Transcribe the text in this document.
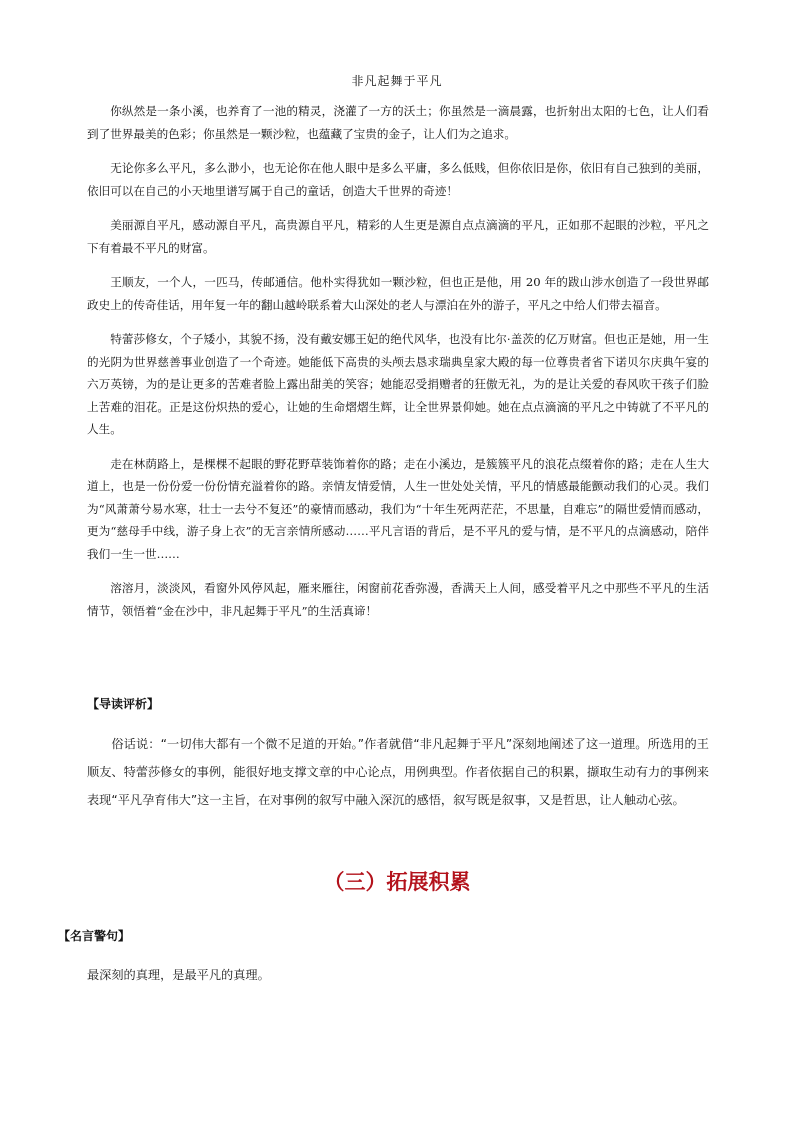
非凡起舞于平凡

你纵然是一条小溪，也养育了一池的精灵，浇灌了一方的沃土；你虽然是一滴晨露，也折射出太阳的七色，让人们看到了世界最美的色彩；你虽然是一颗沙粒，也蕴藏了宝贵的金子，让人们为之追求。

无论你多么平凡，多么渺小，也无论你在他人眼中是多么平庸，多么低贱，但你依旧是你，依旧有自己独到的美丽，依旧可以在自己的小天地里谱写属于自己的童话，创造大千世界的奇迹！

美丽源自平凡，感动源自平凡，高贵源自平凡，精彩的人生更是源自点点滴滴的平凡，正如那不起眼的沙粒，平凡之下有着最不平凡的财富。

王顺友，一个人，一匹马，传邮通信。他朴实得犹如一颗沙粒，但也正是他，用 20 年的跋山涉水创造了一段世界邮政史上的传奇佳话，用年复一年的翻山越岭联系着大山深处的老人与漂泊在外的游子，平凡之中给人们带去福音。

特蕾莎修女，个子矮小，其貌不扬，没有戴安娜王妃的绝代风华，也没有比尔·盖茨的亿万财富。但也正是她，用一生的光阴为世界慈善事业创造了一个奇迹。她能低下高贵的头颅去恳求瑞典皇家大殿的每一位尊贵者省下诺贝尔庆典午宴的六万英镑，为的是让更多的苦难者脸上露出甜美的笑容；她能忍受捐赠者的狂傲无礼，为的是让关爱的春风吹干孩子们脸上苦难的泪花。正是这份炽热的爱心，让她的生命熠熠生辉，让全世界景仰她。她在点点滴滴的平凡之中铸就了不平凡的人生。

走在林荫路上，是棵棵不起眼的野花野草装饰着你的路；走在小溪边，是簇簇平凡的浪花点缀着你的路；走在人生大道上，也是一份份爱一份份情充溢着你的路。亲情友情爱情，人生一世处处关情，平凡的情感最能颤动我们的心灵。我们为“风萧萧兮易水寒，壮士一去兮不复还”的豪情而感动，我们为“十年生死两茫茫，不思量，自难忘”的隔世爱情而感动，更为“慈母手中线，游子身上衣”的无言亲情所感动……平凡言语的背后，是不平凡的爱与情，是不平凡的点滴感动，陪伴我们一生一世……

溶溶月，淡淡风，看窗外风停风起，雁来雁往，闲窗前花香弥漫，香满天上人间，感受着平凡之中那些不平凡的生活情节，领悟着“金在沙中，非凡起舞于平凡”的生活真谛！

【导读评析】

俗话说：“一切伟大都有一个微不足道的开始。”作者就借“非凡起舞于平凡”深刻地阐述了这一道理。所选用的王顺友、特蕾莎修女的事例，能很好地支撑文章的中心论点，用例典型。作者依据自己的积累，撷取生动有力的事例来表现“平凡孕育伟大”这一主旨，在对事例的叙写中融入深沉的感悟，叙写既是叙事，又是哲思，让人触动心弦。

（三）拓展积累
【名言警句】

最深刻的真理，是最平凡的真理。
